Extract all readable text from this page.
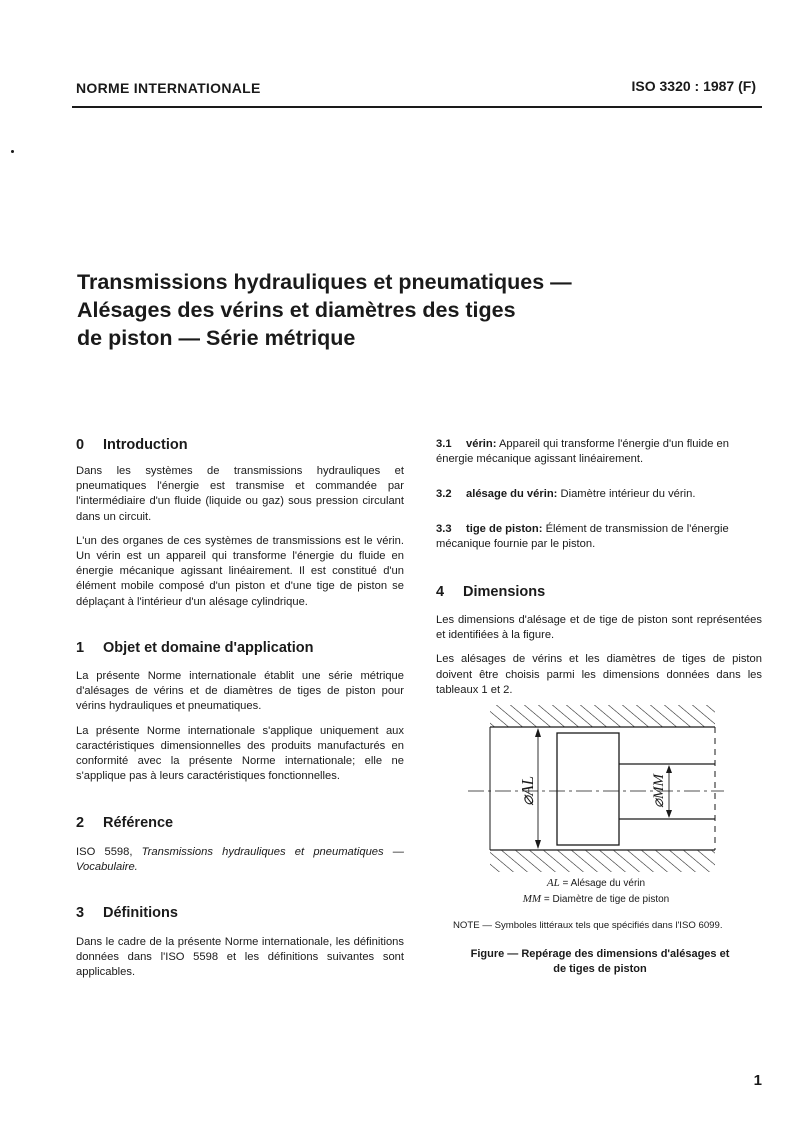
NORME INTERNATIONALE	ISO 3320 : 1987 (F)
Transmissions hydrauliques et pneumatiques —
Alésages des vérins et diamètres des tiges
de piston — Série métrique
0 Introduction

Dans les systèmes de transmissions hydrauliques et pneumatiques l'énergie est transmise et commandée par l'intermédiaire d'un fluide (liquide ou gaz) sous pression circulant dans un circuit.

L'un des organes de ces systèmes de transmissions est le vérin. Un vérin est un appareil qui transforme l'énergie du fluide en énergie mécanique agissant linéairement. Il est constitué d'un élément mobile composé d'un piston et d'une tige de piston se déplaçant à l'intérieur d'un alésage cylindrique.

1 Objet et domaine d'application

La présente Norme internationale établit une série métrique d'alésages de vérins et de diamètres de tiges de piston pour vérins hydrauliques et pneumatiques.

La présente Norme internationale s'applique uniquement aux caractéristiques dimensionnelles des produits manufacturés en conformité avec la présente Norme internationale; elle ne s'applique pas à leurs caractéristiques fonctionnelles.

2 Référence

ISO 5598, Transmissions hydrauliques et pneumatiques — Vocabulaire.

3 Définitions

Dans le cadre de la présente Norme internationale, les définitions données dans l'ISO 5598 et les définitions suivantes sont applicables.

3.1 vérin: Appareil qui transforme l'énergie d'un fluide en énergie mécanique agissant linéairement.
3.2 alésage du vérin: Diamètre intérieur du vérin.
3.3 tige de piston: Élément de transmission de l'énergie mécanique fournie par le piston.
4 Dimensions

Les dimensions d'alésage et de tige de piston sont représentées et identifiées à la figure.

Les alésages de vérins et les diamètres de tiges de piston doivent être choisis parmi les dimensions données dans les tableaux 1 et 2.

⌀AL	⌀MM
AL = Alésage du vérin
MM = Diamètre de tige de piston
NOTE — Symboles littéraux tels que spécifiés dans l'ISO 6099.
Figure — Repérage des dimensions d'alésages et
de tiges de piston
1
